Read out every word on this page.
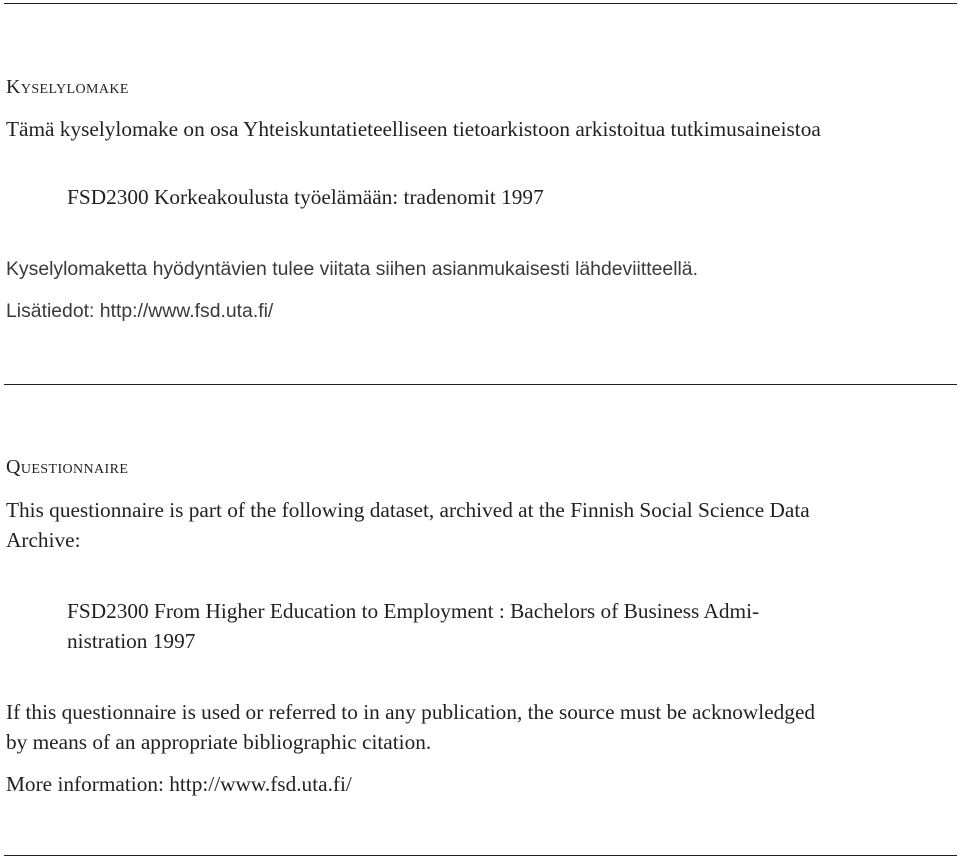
Kyselylomake
Tämä kyselylomake on osa Yhteiskuntatieteelliseen tietoarkistoon arkistoitua tutkimusaineistoa
FSD2300 Korkeakoulusta työelämään: tradenomit 1997
Kyselylomaketta hyödyntävien tulee viitata siihen asianmukaisesti lähdeviitteellä.
Lisätiedot: http://www.fsd.uta.fi/
Questionnaire
This questionnaire is part of the following dataset, archived at the Finnish Social Science Data
Archive:
FSD2300 From Higher Education to Employment : Bachelors of Business Admi-
nistration 1997
If this questionnaire is used or referred to in any publication, the source must be acknowledged
by means of an appropriate bibliographic citation.
More information: http://www.fsd.uta.fi/
